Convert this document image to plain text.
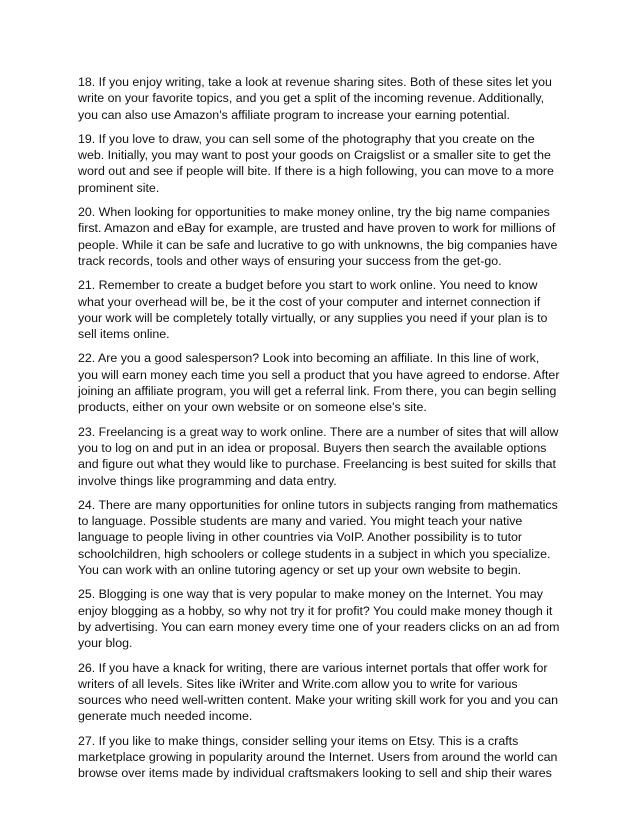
18. If you enjoy writing, take a look at revenue sharing sites. Both of these sites let you write on your favorite topics, and you get a split of the incoming revenue. Additionally, you can also use Amazon's affiliate program to increase your earning potential.

19. If you love to draw, you can sell some of the photography that you create on the web. Initially, you may want to post your goods on Craigslist or a smaller site to get the word out and see if people will bite. If there is a high following, you can move to a more prominent site.

20. When looking for opportunities to make money online, try the big name companies first. Amazon and eBay for example, are trusted and have proven to work for millions of people. While it can be safe and lucrative to go with unknowns, the big companies have track records, tools and other ways of ensuring your success from the get-go.

21. Remember to create a budget before you start to work online. You need to know what your overhead will be, be it the cost of your computer and internet connection if your work will be completely totally virtually, or any supplies you need if your plan is to sell items online.

22. Are you a good salesperson? Look into becoming an affiliate. In this line of work, you will earn money each time you sell a product that you have agreed to endorse. After joining an affiliate program, you will get a referral link. From there, you can begin selling products, either on your own website or on someone else's site.

23. Freelancing is a great way to work online. There are a number of sites that will allow you to log on and put in an idea or proposal. Buyers then search the available options and figure out what they would like to purchase. Freelancing is best suited for skills that involve things like programming and data entry.

24. There are many opportunities for online tutors in subjects ranging from mathematics to language. Possible students are many and varied. You might teach your native language to people living in other countries via VoIP. Another possibility is to tutor schoolchildren, high schoolers or college students in a subject in which you specialize. You can work with an online tutoring agency or set up your own website to begin.

25. Blogging is one way that is very popular to make money on the Internet. You may enjoy blogging as a hobby, so why not try it for profit? You could make money though it by advertising. You can earn money every time one of your readers clicks on an ad from your blog.

26. If you have a knack for writing, there are various internet portals that offer work for writers of all levels. Sites like iWriter and Write.com allow you to write for various sources who need well-written content. Make your writing skill work for you and you can generate much needed income.

27. If you like to make things, consider selling your items on Etsy. This is a crafts marketplace growing in popularity around the Internet. Users from around the world can browse over items made by individual craftsmakers looking to sell and ship their wares
